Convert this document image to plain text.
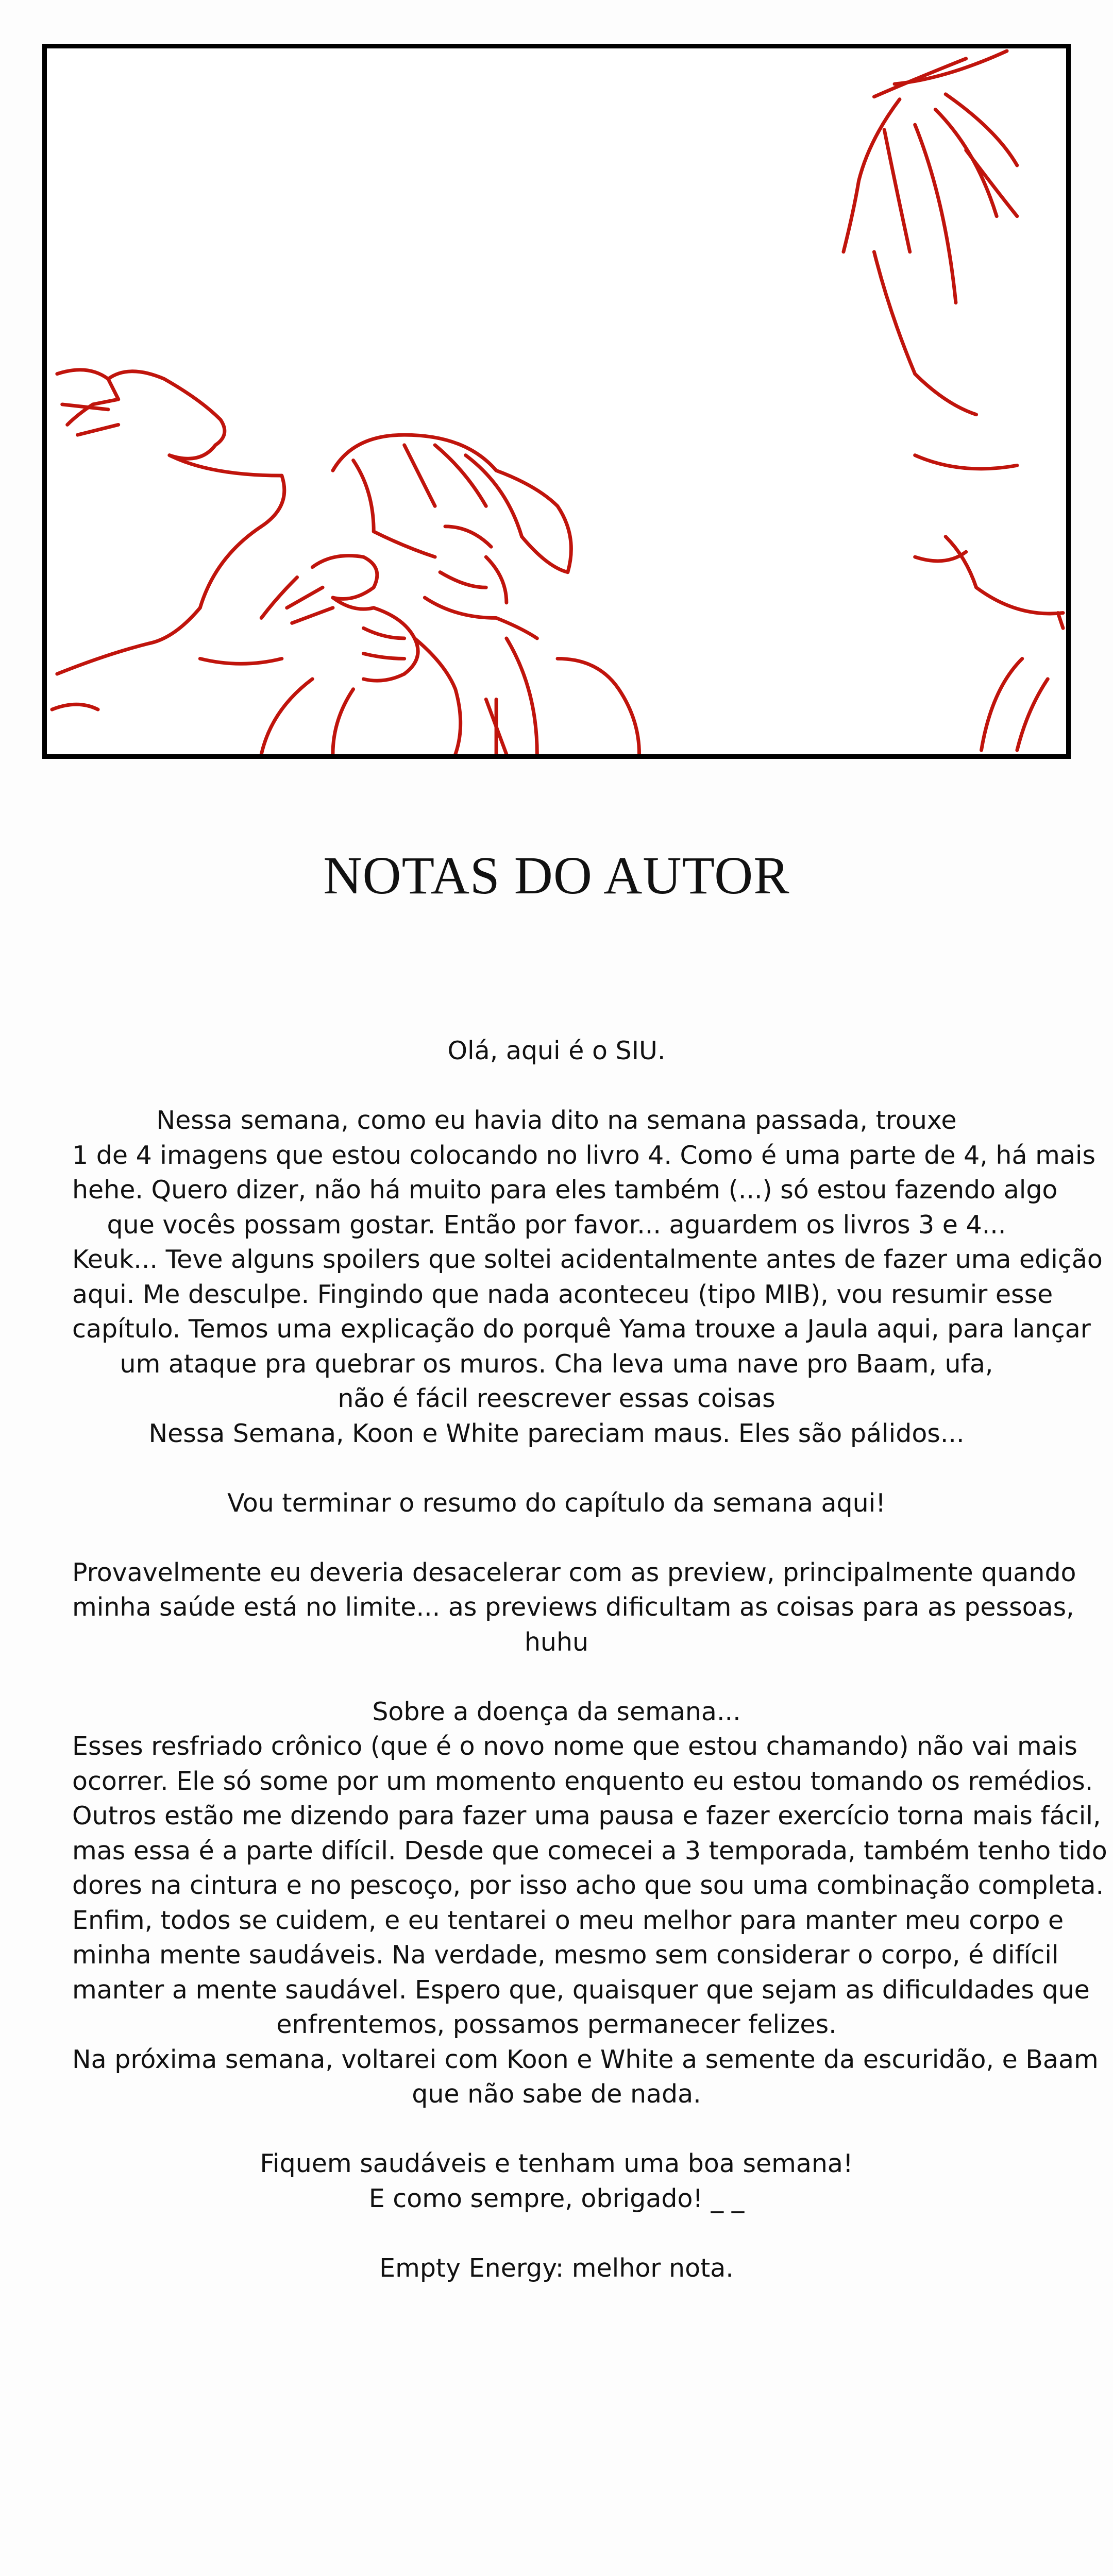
NOTAS DO AUTOR
Olá, aqui é o SIU.
Nessa semana, como eu havia dito na semana passada, trouxe
1 de 4 imagens que estou colocando no livro 4. Como é uma parte de 4, há mais
hehe. Quero dizer, não há muito para eles também (...) só estou fazendo algo
que vocês possam gostar. Então por favor... aguardem os livros 3 e 4...
Keuk... Teve alguns spoilers que soltei acidentalmente antes de fazer uma edição
aqui. Me desculpe. Fingindo que nada aconteceu (tipo MIB), vou resumir esse
capítulo. Temos uma explicação do porquê Yama trouxe a Jaula aqui, para lançar
um ataque pra quebrar os muros. Cha leva uma nave pro Baam, ufa,
não é fácil reescrever essas coisas
Nessa Semana, Koon e White pareciam maus. Eles são pálidos...
Vou terminar o resumo do capítulo da semana aqui!
Provavelmente eu deveria desacelerar com as preview, principalmente quando
minha saúde está no limite... as previews dificultam as coisas para as pessoas,
huhu
Sobre a doença da semana...
Esses resfriado crônico (que é o novo nome que estou chamando) não vai mais
ocorrer. Ele só some por um momento enquento eu estou tomando os remédios.
Outros estão me dizendo para fazer uma pausa e fazer exercício torna mais fácil,
mas essa é a parte difícil. Desde que comecei a 3 temporada, também tenho tido
dores na cintura e no pescoço, por isso acho que sou uma combinação completa.
Enfim, todos se cuidem, e eu tentarei o meu melhor para manter meu corpo e
minha mente saudáveis. Na verdade, mesmo sem considerar o corpo, é difícil
manter a mente saudável. Espero que, quaisquer que sejam as dificuldades que
enfrentemos, possamos permanecer felizes.
Na próxima semana, voltarei com Koon e White a semente da escuridão, e Baam
que não sabe de nada.
Fiquem saudáveis e tenham uma boa semana!
E como sempre, obrigado! _ _
Empty Energy: melhor nota.
